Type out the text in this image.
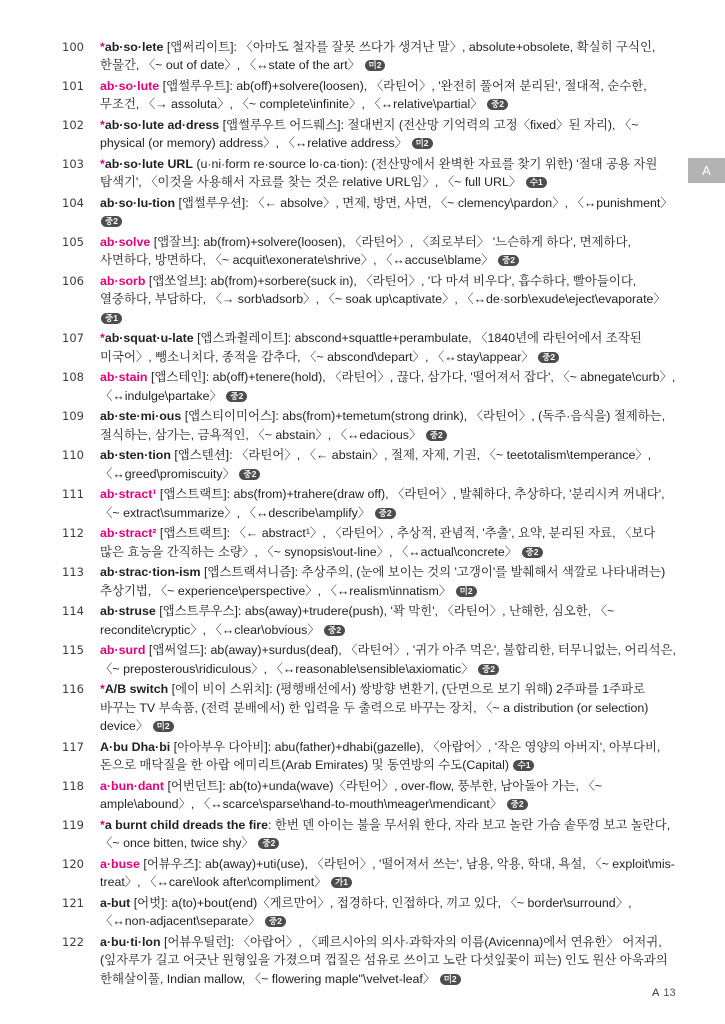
100	*ab·so·lete [앱써리이트]: 〈아마도 철자를 잘못 쓰다가 생겨난 말〉, absolute+obsolete, 확실히 구식인, 한물간, 〈~ out of date〉, 〈↔state of the art〉 미2

101	ab·so·lute [앱썰루우트]: ab(off)+solvere(loosen), 〈라틴어〉, '완전히 풀어져 분리된', 절대적, 순수한, 무조건, 〈→ assoluta〉, 〈~ complete\infinite〉, 〈↔relative\partial〉 중2

102	*ab·so·lute ad·dress [앱썰루우트 어드뤠스]: 절대번지 (전산망 기억력의 고정〈fixed〉된 자리), 〈~ physical (or memory) address〉, 〈↔relative address〉 미2

103	*ab·so·lute URL (u·ni·form re·source lo·ca·tion): (전산망에서 완벽한 자료를 찾기 위한) '절대 공용 자원 탐색기', 〈이것을 사용해서 자료를 찾는 것은 relative URL임〉, 〈~ full URL〉 수1

104	ab·so·lu-tion [앱썰루우션]: 〈← absolve〉, 면제, 방면, 사면, 〈~ clemency\pardon〉, 〈↔punishment〉 중2

105	ab·solve [앱잘브]: ab(from)+solvere(loosen), 〈라틴어〉, 〈죄로부터〉 '느슨하게 하다', 면제하다, 사면하다, 방면하다, 〈~ acquit\exonerate\shrive〉, 〈↔accuse\blame〉 중2

106	ab·sorb [앱쏘얼브]: ab(from)+sorbere(suck in), 〈라틴어〉, '다 마셔 비우다', 흡수하다, 빨아들이다, 열중하다, 부담하다, 〈→ sorb\adsorb〉, 〈~ soak up\captivate〉, 〈↔de·sorb\exude\eject\evaporate〉 중1

107	*ab·squat·u-late [앱스콰췰레이트]: abscond+squattle+perambulate, 〈1840년에 라틴어에서 조작된 미국어〉, 뺑소니치다, 종적을 감추다, 〈~ abscond\depart〉, 〈↔stay\appear〉 중2

108	ab·stain [앱스테인]: ab(off)+tenere(hold), 〈라틴어〉, 끊다, 삼가다, '떨어져서 잡다', 〈~ abnegate\curb〉, 〈↔indulge\partake〉 중2

109	ab·ste·mi·ous [앱스티이미어스]: abs(from)+temetum(strong drink), 〈라틴어〉, (독주·음식을) 절제하는, 절식하는, 삼가는, 금욕적인, 〈~ abstain〉, 〈↔edacious〉 중2

110	ab·sten·tion [앱스텐션]: 〈라틴어〉, 〈← abstain〉, 절제, 자제, 기권, 〈~ teetotalism\temperance〉, 〈↔greed\promiscuity〉 중2

111	ab·stract¹ [앱스트랙트]: abs(from)+trahere(draw off), 〈라틴어〉, 발췌하다, 추상하다, '분리시켜 꺼내다', 〈~ extract\summarize〉, 〈↔describe\amplify〉 중2

112	ab·stract² [앱스트랙트]: 〈← abstract¹〉, 〈라틴어〉, 추상적, 관념적, '추출', 요약, 분리된 자료, 〈보다 많은 효능을 간직하는 소량〉, 〈~ synopsis\out-line〉, 〈↔actual\concrete〉 중2

113	ab·strac·tion-ism [앱스트랙셔니즘]: 추상주의, (눈에 보이는 것의 '고갱이'를 발췌해서 색깔로 나타내려는) 추상기법, 〈~ experience\perspective〉, 〈↔realism\innatism〉 미2

114	ab·struse [앱스트루우스]: abs(away)+trudere(push), '꽉 막힌', 〈라틴어〉, 난해한, 심오한, 〈~ recondite\cryptic〉, 〈↔clear\obvious〉 중2

115	ab·surd [앱써얼드]: ab(away)+surdus(deaf), 〈라틴어〉, '귀가 아주 먹은', 불합리한, 터무니없는, 어리석은, 〈~ preposterous\ridiculous〉, 〈↔reasonable\sensible\axiomatic〉 중2

116	*A/B switch [에이 비이 스위치]: (평행배선에서) 쌍방향 변환기, (단면으로 보기 위해) 2주파를 1주파로 바꾸는 TV 부속품, (전력 분배에서) 한 입력을 두 출력으로 바꾸는 장치, 〈~ a distribution (or selection) device〉 미2

117	A·bu Dha·bi [아아부우 다아비]: abu(father)+dhabi(gazelle), 〈아랍어〉, '작은 영양의 아버지', 아부다비, 돈으로 매닥질을 한 아랍 에미리트(Arab Emirates) 및 동연방의 수도(Capital) 수1

118	a·bun·dant [어번던트]: ab(to)+unda(wave)〈라틴어〉, over-flow, 풍부한, 남아돌아 가는, 〈~ ample\abound〉, 〈↔scarce\sparse\hand-to-mouth\meager\mendicant〉 중2

119	*a burnt child dreads the fire: 한번 덴 아이는 불을 무서워 한다, 자라 보고 놀란 가슴 솥뚜껑 보고 놀란다, 〈~ once bitten, twice shy〉 중2

120	a·buse [어뷰우즈]: ab(away)+uti(use), 〈라틴어〉, '떨어져서 쓰는', 남용, 악용, 학대, 욕설, 〈~ exploit\mis-treat〉, 〈↔care\look after\compliment〉 가1

121	a-but [어벗]: a(to)+bout(end)〈게르만어〉, 접경하다, 인접하다, 끼고 있다, 〈~ border\surround〉, 〈↔non-adjacent\separate〉 중2

122	a·bu·ti·lon [어뷰우틸런]: 〈아랍어〉, 〈페르시아의 의사·과학자의 이름(Avicenna)에서 연유한〉 어저귀, (잎자루가 길고 어긋난 원형잎을 가졌으며 껍질은 섬유로 쓰이고 노란 다섯잎꽃이 피는) 인도 원산 아욱과의 한해살이풀, Indian mallow, 〈~ flowering maple"\velvet-leaf〉 미2

A
A 13
